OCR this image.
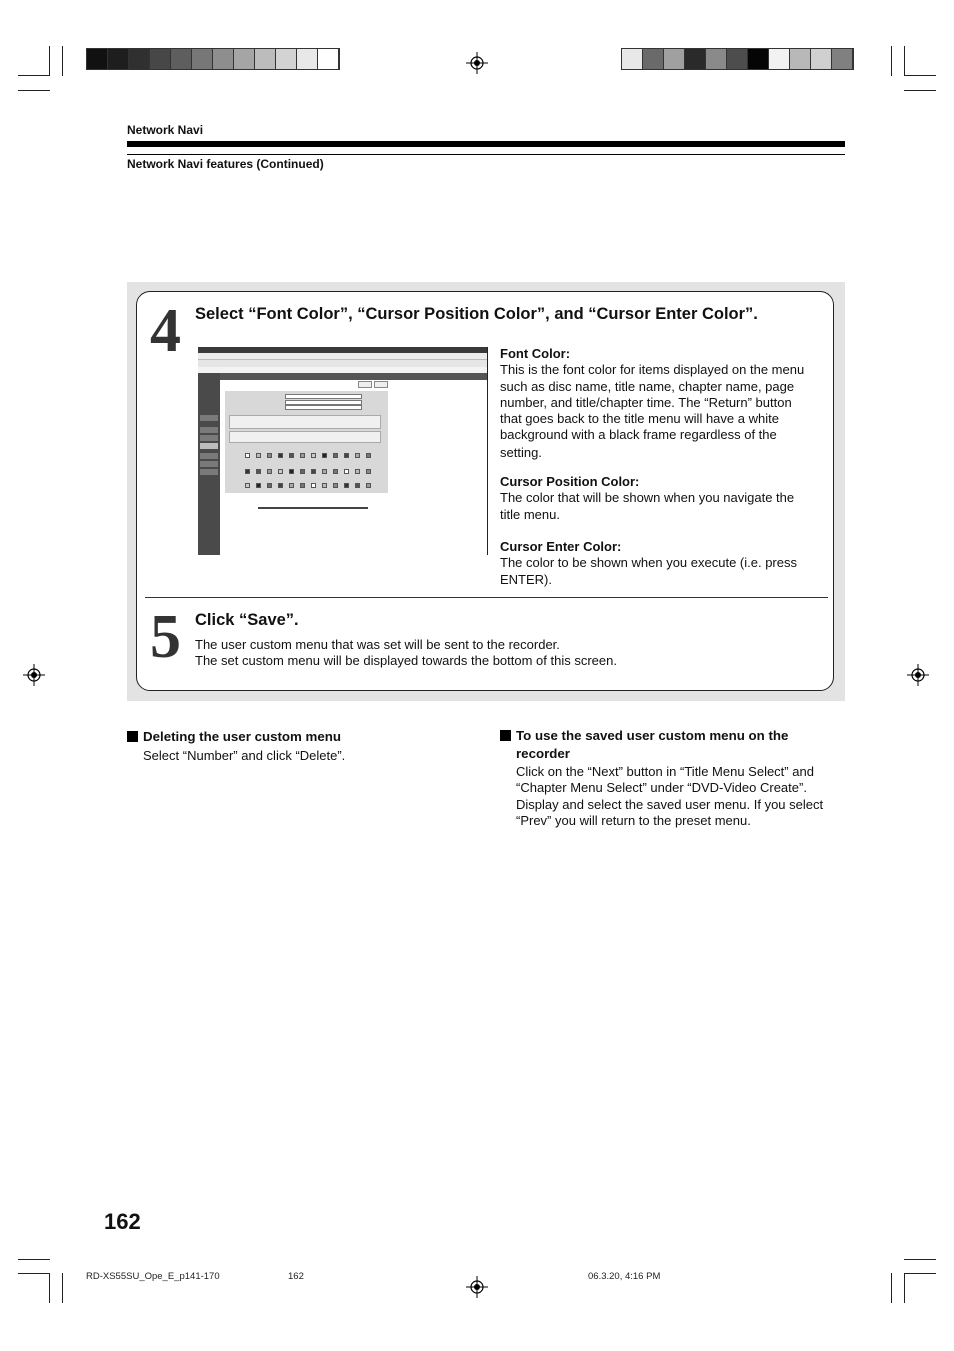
Network Navi
Network Navi features (Continued)
4 Select “Font Color”, “Cursor Position Color”, and “Cursor Enter Color”.
Font Color:
This is the font color for items displayed on the menu
such as disc name, title name, chapter name, page
number, and title/chapter time. The “Return” button
that goes back to the title menu will have a white
background with a black frame regardless of the
setting.
Cursor Position Color:
The color that will be shown when you navigate the
title menu.
Cursor Enter Color:
The color to be shown when you execute (i.e. press
ENTER).
5 Click “Save”.
The user custom menu that was set will be sent to the recorder.
The set custom menu will be displayed towards the bottom of this screen.
Deleting the user custom menu
Select “Number” and click “Delete”.
To use the saved user custom menu on the
recorder
Click on the “Next” button in “Title Menu Select” and
“Chapter Menu Select” under “DVD-Video Create”.
Display and select the saved user menu. If you select
“Prev” you will return to the preset menu.
162
RD-XS55SU_Ope_E_p141-170	162	06.3.20, 4:16 PM
